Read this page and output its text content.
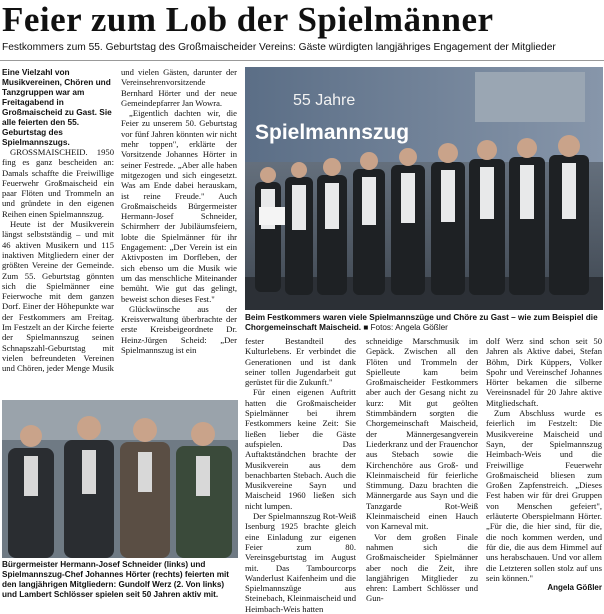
Feier zum Lob der Spielmänner
Festkommers zum 55. Geburtstag des Großmaischeider Vereins: Gäste würdigten langjähriges Engagement der Mitglieder

Eine Vielzahl von Musikvereinen, Chören und Tanzgruppen war am Freitagabend in Großmaischeid zu Gast. Sie alle feierten den 55. Geburtstag des Spielmannszugs.

GROSSMAISCHEID. 1950 fing es ganz bescheiden an: Damals schaffte die Freiwillige Feuerwehr Großmaischeid ein paar Flöten und Trommeln an und gründete in den eigenen Reihen einen Spielmannszug.

Heute ist der Musikverein längst selbstständig – und mit 46 aktiven Musikern und 115 inaktiven Mitgliedern einer der größten Vereine der Gemeinde. Zum 55. Geburtstag gönnten sich die Spielmänner eine Feierwoche mit dem ganzen Dorf. Einer der Höhepunkte war der Festkommers am Freitag. Im Festzelt an der Kirche feierte der Spielmannszug seinen Schnapszahl-Geburtstag mit vielen befreundeten Vereinen und Chören, jeder Menge Musik

und vielen Gästen, darunter der Vereinsehrenvorsitzende Bernhard Hörter und der neue Gemeindepfarrer Jan Wowra.

„Eigentlich dachten wir, die Feier zu unserem 50. Geburtstag vor fünf Jahren könnten wir nicht mehr toppen", erklärte der Vorsitzende Johannes Hörter in seiner Festrede. „Aber alle haben mitgezogen und sich eingesetzt. Was am Ende dabei herauskam, ist reine Freude." Auch Großmaischeids Bürgermeister Hermann-Josef Schneider, Schirmherr der Jubiläumsfeiern, lobte die Spielmänner für ihr Engagement: „Der Verein ist ein Aktivposten im Dorfleben, der sich ebenso um die Musik wie um das menschliche Miteinander bemüht. Wie gut das gelingt, beweist schon dieses Fest."

Glückwünsche aus der Kreisverwaltung überbrachte der erste Kreisbeigeordnete Dr. Heinz-Jürgen Scheid: „Der Spielmannszug ist ein

55 Jahre
Spielmannszug
Beim Festkommers waren viele Spielmannszüge und Chöre zu Gast – wie zum Beispiel die Chorgemeinschaft Maischeid. ■ Fotos: Angela Gößler
Bürgermeister Hermann-Josef Schneider (links) und Spielmannszug-Chef Johannes Hörter (rechts) feierten mit den langjährigen Mitgliedern: Gundolf Werz (2. Von links) und Lambert Schlösser spielen seit 50 Jahren aktiv mit.

fester Bestandteil des Kulturlebens. Er verbindet die Generationen und ist dank seiner tollen Jugendarbeit gut gerüstet für die Zukunft."

Für einen eigenen Auftritt hatten die Großmaischeider Spielmänner bei ihrem Festkommers keine Zeit: Sie ließen lieber die Gäste aufspielen. Das Auftaktständchen brachte der Musikverein aus dem benachbarten Stebach. Auch die Musikvereine Sayn und Maischeid 1960 ließen sich nicht lumpen.

Der Spielmannszug Rot-Weiß Isenburg 1925 brachte gleich eine Einladung zur eigenen Feier zum 80. Vereinsgeburtstag im August mit. Das Tambourcorps Wanderlust Kaifenheim und die Spielmannszüge aus Steinebach, Kleinmaischeid und Heimbach-Weis hatten

schneidige Marschmusik im Gepäck. Zwischen all den Flöten und Trommeln der Spielleute kam beim Großmaischeider Festkommers aber auch der Gesang nicht zu kurz: Mit gut geölten Stimmbändern sorgten die Chorgemeinschaft Maischeid, der Männergesangverein Liederkranz und der Frauenchor aus Stebach sowie die Kirchenchöre aus Groß- und Kleinmaischeid für feierliche Stimmung. Dazu brachten die Männergarde aus Sayn und die Tanzgarde Rot-Weiß Kleinmaischeid einen Hauch von Karneval mit.

Vor dem großen Finale nahmen sich die Großmaischeider Spielmänner aber noch die Zeit, ihre langjährigen Mitglieder zu ehren: Lambert Schlösser und Gun-

dolf Werz sind schon seit 50 Jahren als Aktive dabei, Stefan Böhm, Dirk Küppers, Volker Spohr und Vereinschef Johannes Hörter bekamen die silberne Vereinsnadel für 20 Jahre aktive Mitgliedschaft.

Zum Abschluss wurde es feierlich im Festzelt: Die Musikvereine Maischeid und Sayn, der Spielmannszug Heimbach-Weis und die Freiwillige Feuerwehr Großmaischeid bliesen zum Großen Zapfenstreich. „Dieses Fest haben wir für drei Gruppen von Menschen gefeiert", erläuterte Oberspielmann Hörter. „Für die, die hier sind, für die, die noch kommen werden, und für die, die aus dem Himmel auf uns herabschauen. Und vor allem die Letzteren sollen stolz auf uns sein können."

Angela Gößler
